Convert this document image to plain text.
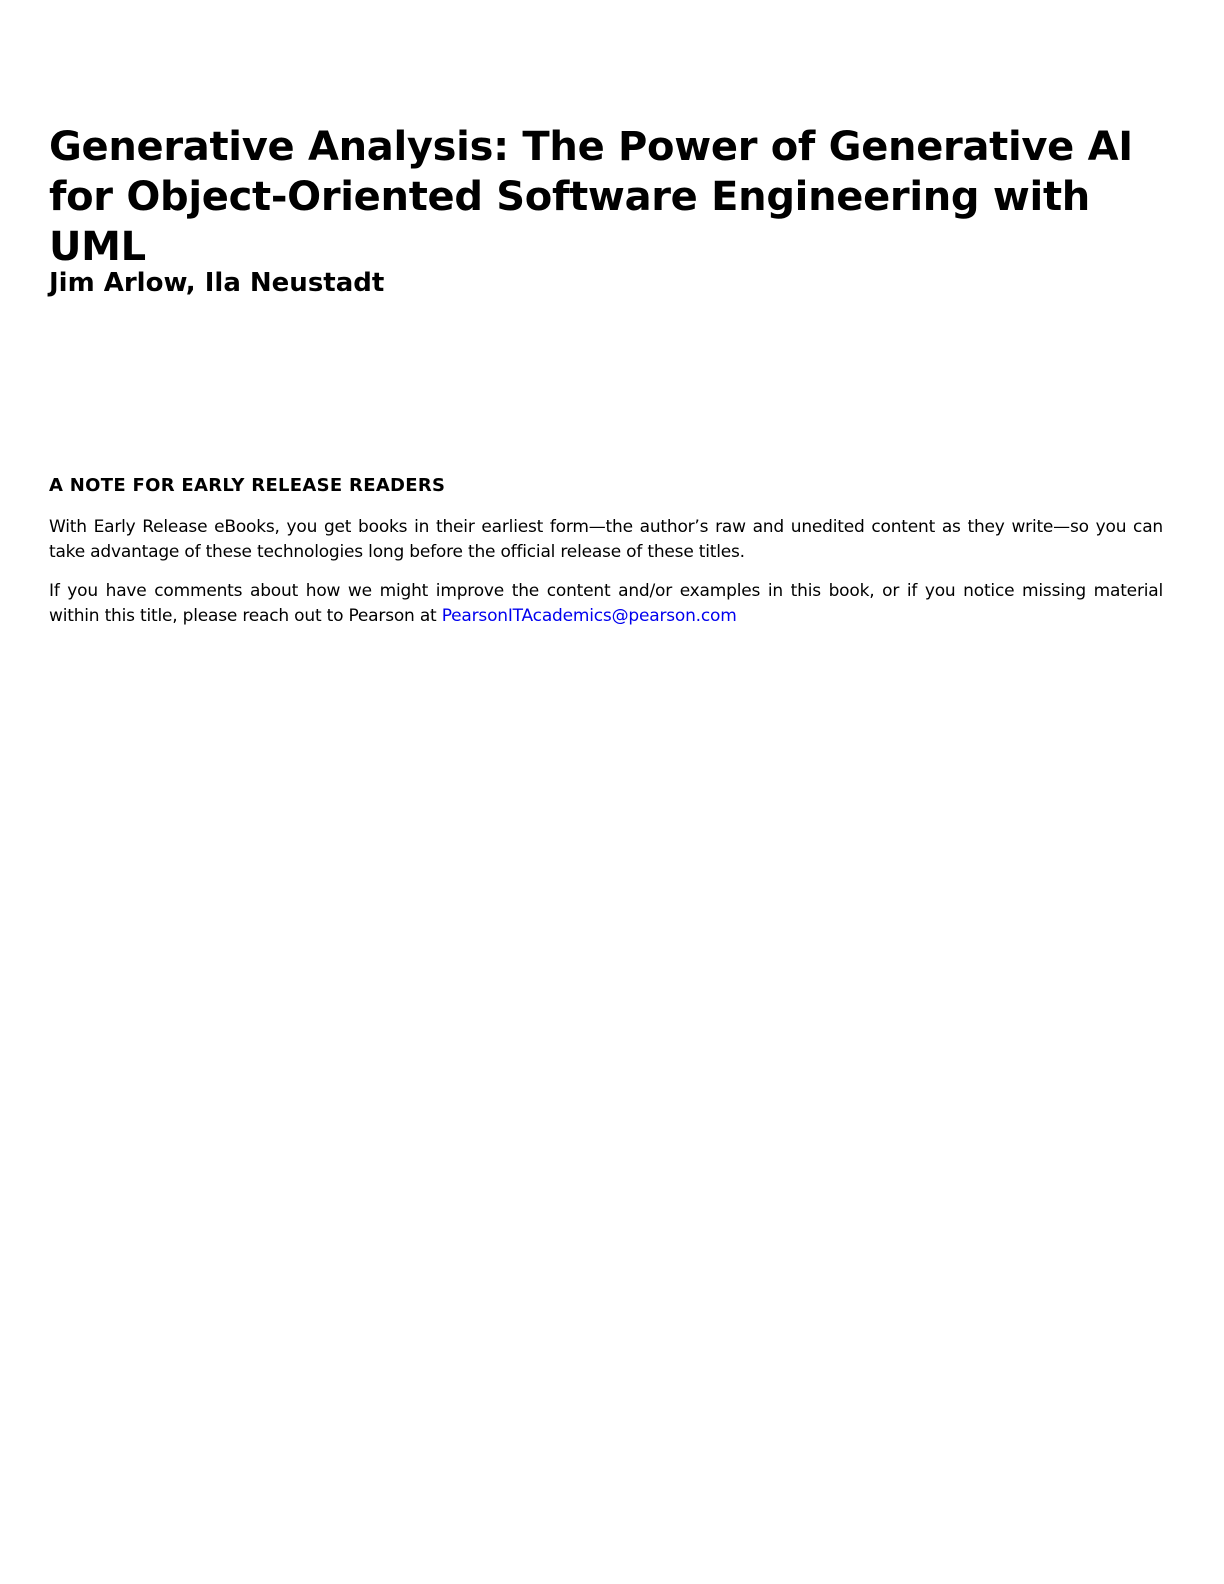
Generative Analysis: The Power of Generative AI for Object-Oriented Software Engineering with UML
Jim Arlow, Ila Neustadt
A NOTE FOR EARLY RELEASE READERS

With Early Release eBooks, you get books in their earliest form—the author’s raw and unedited content as they write—so you can take advantage of these technologies long before the official release of these titles.

If you have comments about how we might improve the content and/or examples in this book, or if you notice missing material within this title, please reach out to Pearson at PearsonITAcademics@pearson.com
